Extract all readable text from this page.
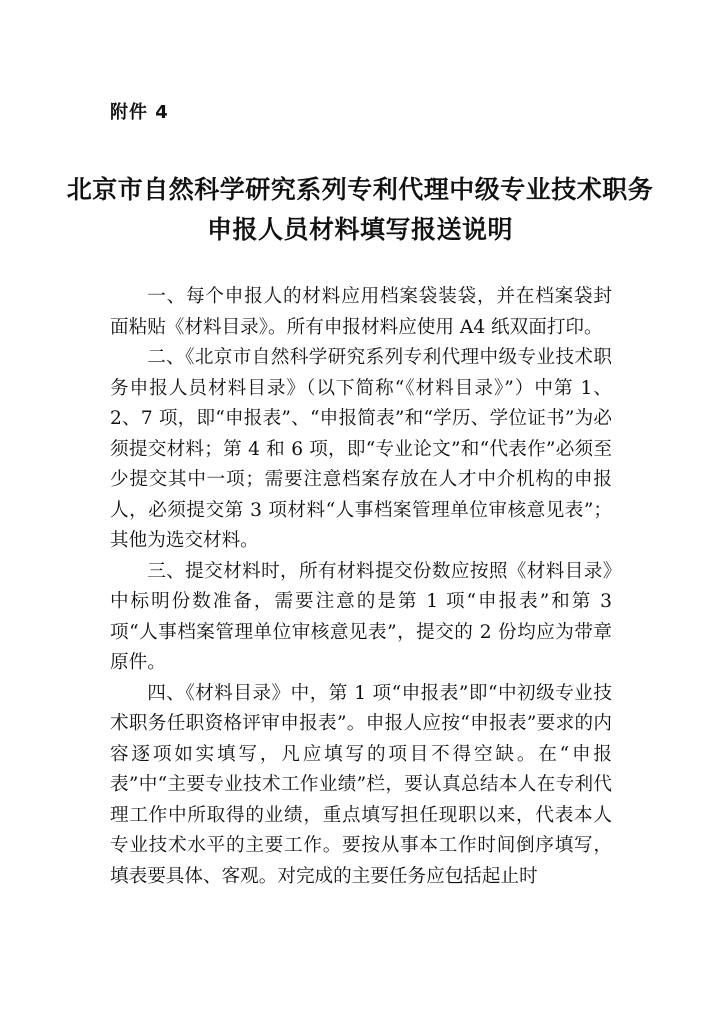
附件 4
北京市自然科学研究系列专利代理中级专业技术职务
申报人员材料填写报送说明

一、每个申报人的材料应用档案袋装袋，并在档案袋封面粘贴《材料目录》。所有申报材料应使用 A4 纸双面打印。

二、《北京市自然科学研究系列专利代理中级专业技术职务申报人员材料目录》（以下简称“《材料目录》”）中第 1、2、7 项，即“申报表”、“申报简表”和“学历、学位证书”为必须提交材料；第 4 和 6 项，即“专业论文”和“代表作”必须至少提交其中一项；需要注意档案存放在人才中介机构的申报人，必须提交第 3 项材料“人事档案管理单位审核意见表”；其他为选交材料。

三、提交材料时，所有材料提交份数应按照《材料目录》中标明份数准备，需要注意的是第 1 项“申报表”和第 3 项“人事档案管理单位审核意见表”，提交的 2 份均应为带章原件。

四、《材料目录》中，第 1 项“申报表”即“中初级专业技术职务任职资格评审申报表”。申报人应按“申报表”要求的内容逐项如实填写，凡应填写的项目不得空缺。在“申报表”中“主要专业技术工作业绩”栏，要认真总结本人在专利代理工作中所取得的业绩，重点填写担任现职以来，代表本人专业技术水平的主要工作。要按从事本工作时间倒序填写，填表要具体、客观。对完成的主要任务应包括起止时
